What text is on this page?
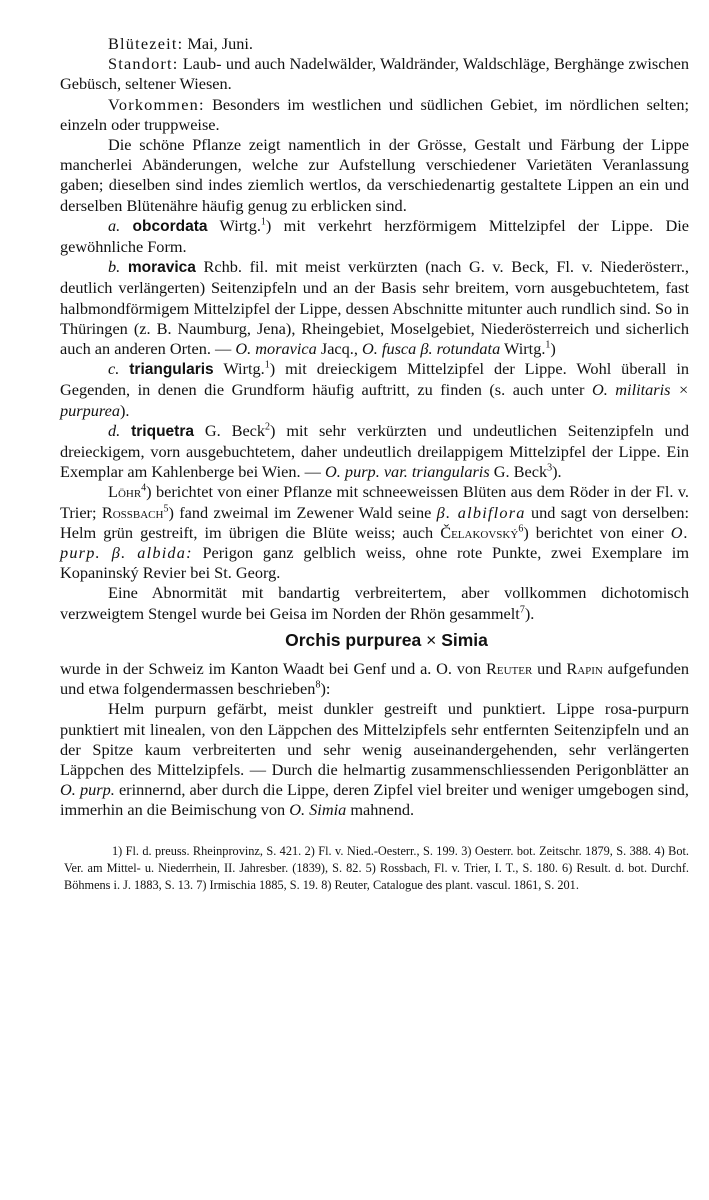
Blütezeit: Mai, Juni.

Standort: Laub- und auch Nadelwälder, Waldränder, Waldschläge, Berghänge zwischen Gebüsch, seltener Wiesen.

Vorkommen: Besonders im westlichen und südlichen Gebiet, im nördlichen selten; einzeln oder truppweise.

Die schöne Pflanze zeigt namentlich in der Grösse, Gestalt und Färbung der Lippe mancherlei Abänderungen, welche zur Aufstellung verschiedener Varietäten Veranlassung gaben; dieselben sind indes ziemlich wertlos, da verschiedenartig gestaltete Lippen an ein und derselben Blütenähre häufig genug zu erblicken sind.

a. obcordata Wirtg.$^1$) mit verkehrt herzförmigem Mittelzipfel der Lippe. Die gewöhnliche Form.

b. moravica Rchb. fil. mit meist verkürzten (nach G. v. Beck, Fl. v. Niederösterr., deutlich verlängerten) Seitenzipfeln und an der Basis sehr breitem, vorn ausgebuchtetem, fast halbmondförmigem Mittelzipfel der Lippe, dessen Abschnitte mitunter auch rundlich sind. So in Thüringen (z. B. Naumburg, Jena), Rheingebiet, Moselgebiet, Niederösterreich und sicherlich auch an anderen Orten. — O. moravica Jacq., O. fusca β. rotundata Wirtg.$^1$)

c. triangularis Wirtg.$^1$) mit dreieckigem Mittelzipfel der Lippe. Wohl überall in Gegenden, in denen die Grundform häufig auftritt, zu finden (s. auch unter O. militaris × purpurea).

d. triquetra G. Beck$^2$) mit sehr verkürzten und undeutlichen Seitenzipfeln und dreieckigem, vorn ausgebuchtetem, daher undeutlich dreilappigem Mittelzipfel der Lippe. Ein Exemplar am Kahlenberge bei Wien. — O. purp. var. triangularis G. Beck$^3$).

Löhr$^4$) berichtet von einer Pflanze mit schneeweissen Blüten aus dem Röder in der Fl. v. Trier; Rossbach$^5$) fand zweimal im Zewener Wald seine β. albiflora und sagt von derselben: Helm grün gestreift, im übrigen die Blüte weiss; auch Čelakovský$^6$) berichtet von einer O. purp. β. albida: Perigon ganz gelblich weiss, ohne rote Punkte, zwei Exemplare im Kopaninský Revier bei St. Georg.

Eine Abnormität mit bandartig verbreitertem, aber vollkommen dichotomisch verzweigtem Stengel wurde bei Geisa im Norden der Rhön gesammelt$^7$).

Orchis purpurea × Simia

wurde in der Schweiz im Kanton Waadt bei Genf und a. O. von Reuter und Rapin aufgefunden und etwa folgendermassen beschrieben$^8$):

Helm purpurn gefärbt, meist dunkler gestreift und punktiert. Lippe rosa-purpurn punktiert mit linealen, von den Läppchen des Mittelzipfels sehr entfernten Seitenzipfeln und an der Spitze kaum verbreiterten und sehr wenig auseinandergehenden, sehr verlängerten Läppchen des Mittelzipfels. — Durch die helmartig zusammenschliessenden Perigonblätter an O. purp. erinnernd, aber durch die Lippe, deren Zipfel viel breiter und weniger umgebogen sind, immerhin an die Beimischung von O. Simia mahnend.

1) Fl. d. preuss. Rheinprovinz, S. 421. 2) Fl. v. Nied.-Oesterr., S. 199. 3) Oesterr. bot. Zeitschr. 1879, S. 388. 4) Bot. Ver. am Mittel- u. Niederrhein, II. Jahresber. (1839), S. 82. 5) Rossbach, Fl. v. Trier, I. T., S. 180. 6) Result. d. bot. Durchf. Böhmens i. J. 1883, S. 13. 7) Irmischia 1885, S. 19. 8) Reuter, Catalogue des plant. vascul. 1861, S. 201.
